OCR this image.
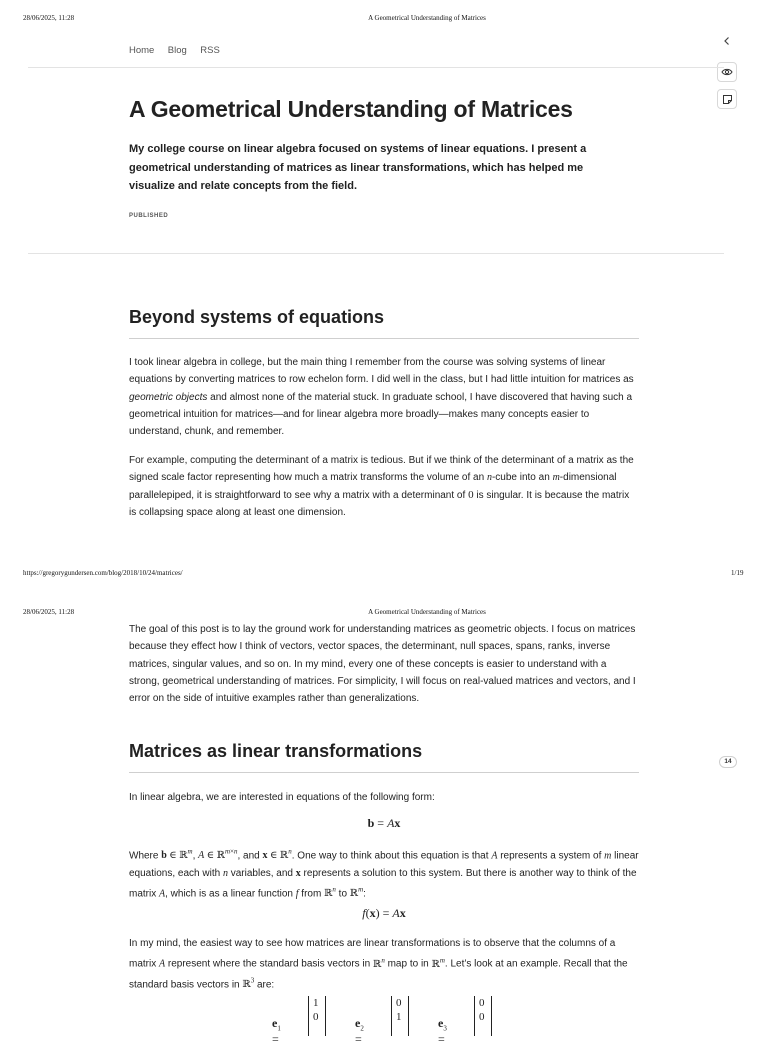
28/06/2025, 11:28	A Geometrical Understanding of Matrices
Home Blog RSS
A Geometrical Understanding of Matrices

My college course on linear algebra focused on systems of linear equations. I present a geometrical understanding of matrices as linear transformations, which has helped me visualize and relate concepts from the field.

PUBLISHED
Beyond systems of equations

I took linear algebra in college, but the main thing I remember from the course was solving systems of linear equations by converting matrices to row echelon form. I did well in the class, but I had little intuition for matrices as geometric objects and almost none of the material stuck. In graduate school, I have discovered that having such a geometrical intuition for matrices—and for linear algebra more broadly—makes many concepts easier to understand, chunk, and remember.

For example, computing the determinant of a matrix is tedious. But if we think of the determinant of a matrix as the signed scale factor representing how much a matrix transforms the volume of an n-cube into an m-dimensional parallelepiped, it is straightforward to see why a matrix with a determinant of 0 is singular. It is because the matrix is collapsing space along at least one dimension.

https://gregorygundersen.com/blog/2018/10/24/matrices/	1/19
28/06/2025, 11:28	A Geometrical Understanding of Matrices

The goal of this post is to lay the ground work for understanding matrices as geometric objects. I focus on matrices because they effect how I think of vectors, vector spaces, the determinant, null spaces, spans, ranks, inverse matrices, singular values, and so on. In my mind, every one of these concepts is easier to understand with a strong, geometrical understanding of matrices. For simplicity, I will focus on real-valued matrices and vectors, and I error on the side of intuitive examples rather than generalizations.

Matrices as linear transformations
14

In linear algebra, we are interested in equations of the following form:

b = Ax

Where b ∈ ℝ$^m$, A ∈ ℝ$^{m\times n}$, and x ∈ ℝ$^n$. One way to think about this equation is that A represents a system of m linear equations, each with n variables, and x represents a solution to this system. But there is another way to think of the matrix A, which is as a linear function f from ℝ$^n$ to ℝ$^m$:

f(x) = Ax

In my mind, the easiest way to see how matrices are linear transformations is to observe that the columns of a matrix A represent where the standard basis vectors in ℝ$^n$ map to in ℝ$^m$. Let’s look at an example. Recall that the standard basis vectors in ℝ$^3$ are:

$e_1$ =
1
0	$e_2$ =
0
1	$e_3$ =
0
0
